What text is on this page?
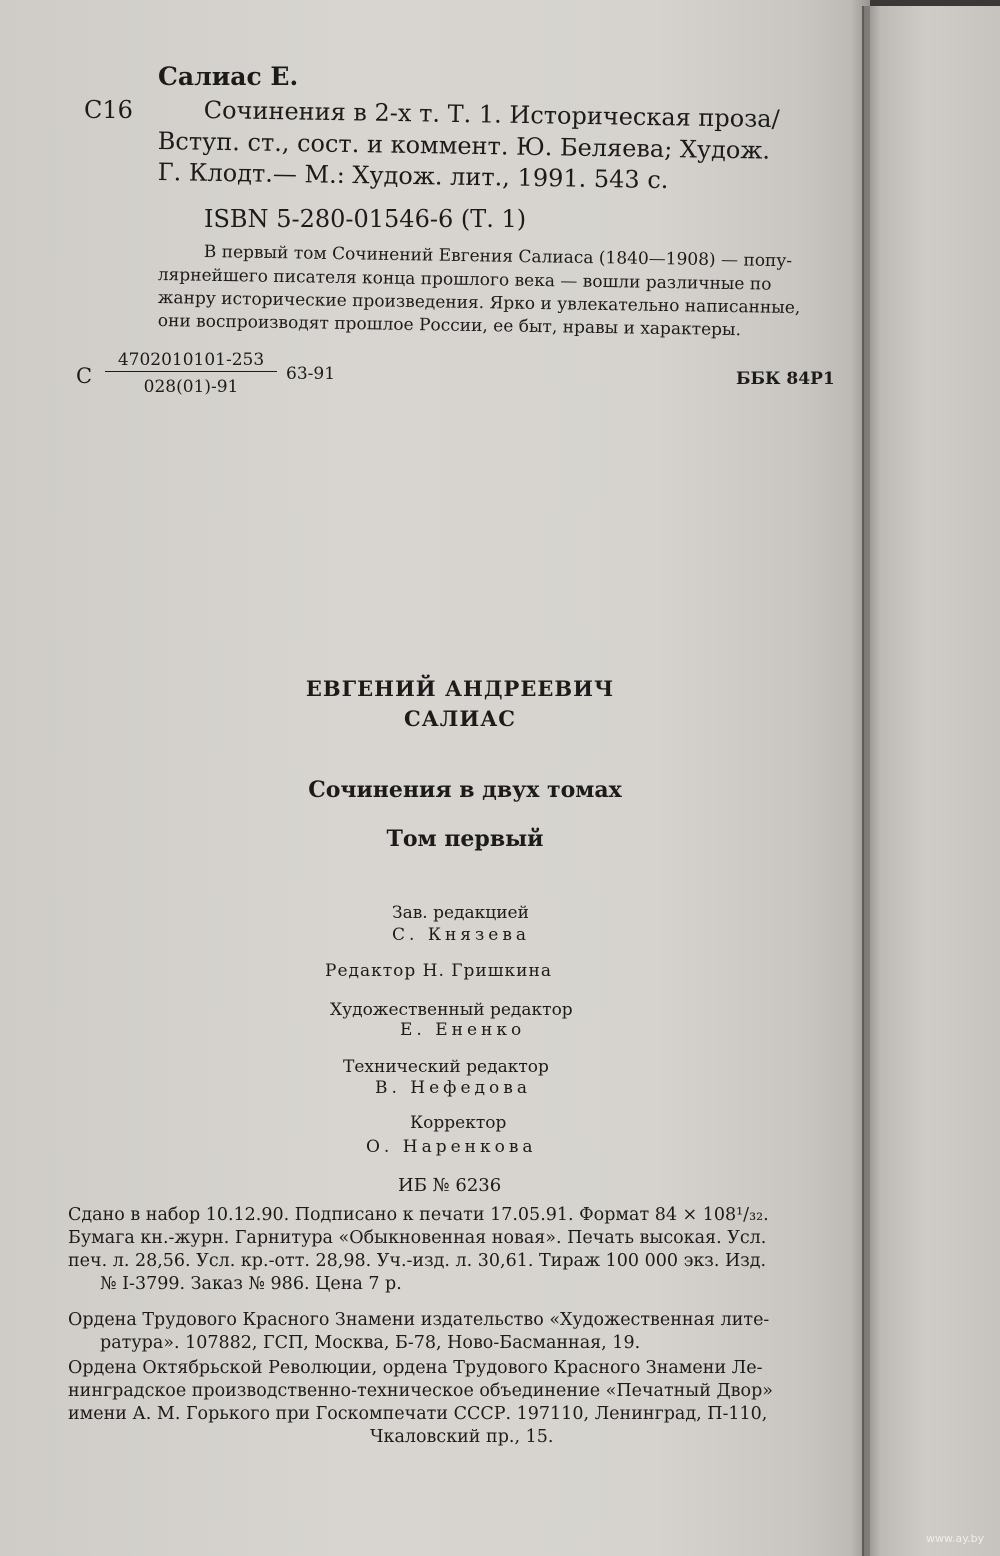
Салиас Е.
С16	Сочинения в 2-х т. Т. 1. Историческая проза/
Вступ. ст., сост. и коммент. Ю. Беляева; Худож.
Г. Клодт.— М.: Худож. лит., 1991. 543 с.
ISBN 5-280-01546-6 (Т. 1)
В первый том Сочинений Евгения Салиаса (1840—1908) — попу-
лярнейшего писателя конца прошлого века — вошли различные по
жанру исторические произведения. Ярко и увлекательно написанные,
они воспроизводят прошлое России, ее быт, нравы и характеры.
С
4702010101-253
028(01)-91
63-91	ББК 84Р1
ЕВГЕНИЙ АНДРЕЕВИЧ
САЛИАС
Сочинения в двух томах
Том первый
Зав. редакцией
С. Князева
Редактор Н. Гришкина
Художественный редактор
Е. Ененко
Технический редактор
В. Нефедова
Корректор
О. Наренкова
ИБ № 6236
Сдано в набор 10.12.90. Подписано к печати 17.05.91. Формат 84 × 108¹/₃₂.
Бумага кн.-журн. Гарнитура «Обыкновенная новая». Печать высокая. Усл.
печ. л. 28,56. Усл. кр.-отт. 28,98. Уч.-изд. л. 30,61. Тираж 100 000 экз. Изд.
№ I-3799. Заказ № 986. Цена 7 р.
Ордена Трудового Красного Знамени издательство «Художественная лите-
ратура». 107882, ГСП, Москва, Б-78, Ново-Басманная, 19.
Ордена Октябрьской Революции, ордена Трудового Красного Знамени Ле-
нинградское производственно-техническое объединение «Печатный Двор»
имени А. М. Горького при Госкомпечати СССР. 197110, Ленинград, П-110,
Чкаловский пр., 15.
www.ay.by
